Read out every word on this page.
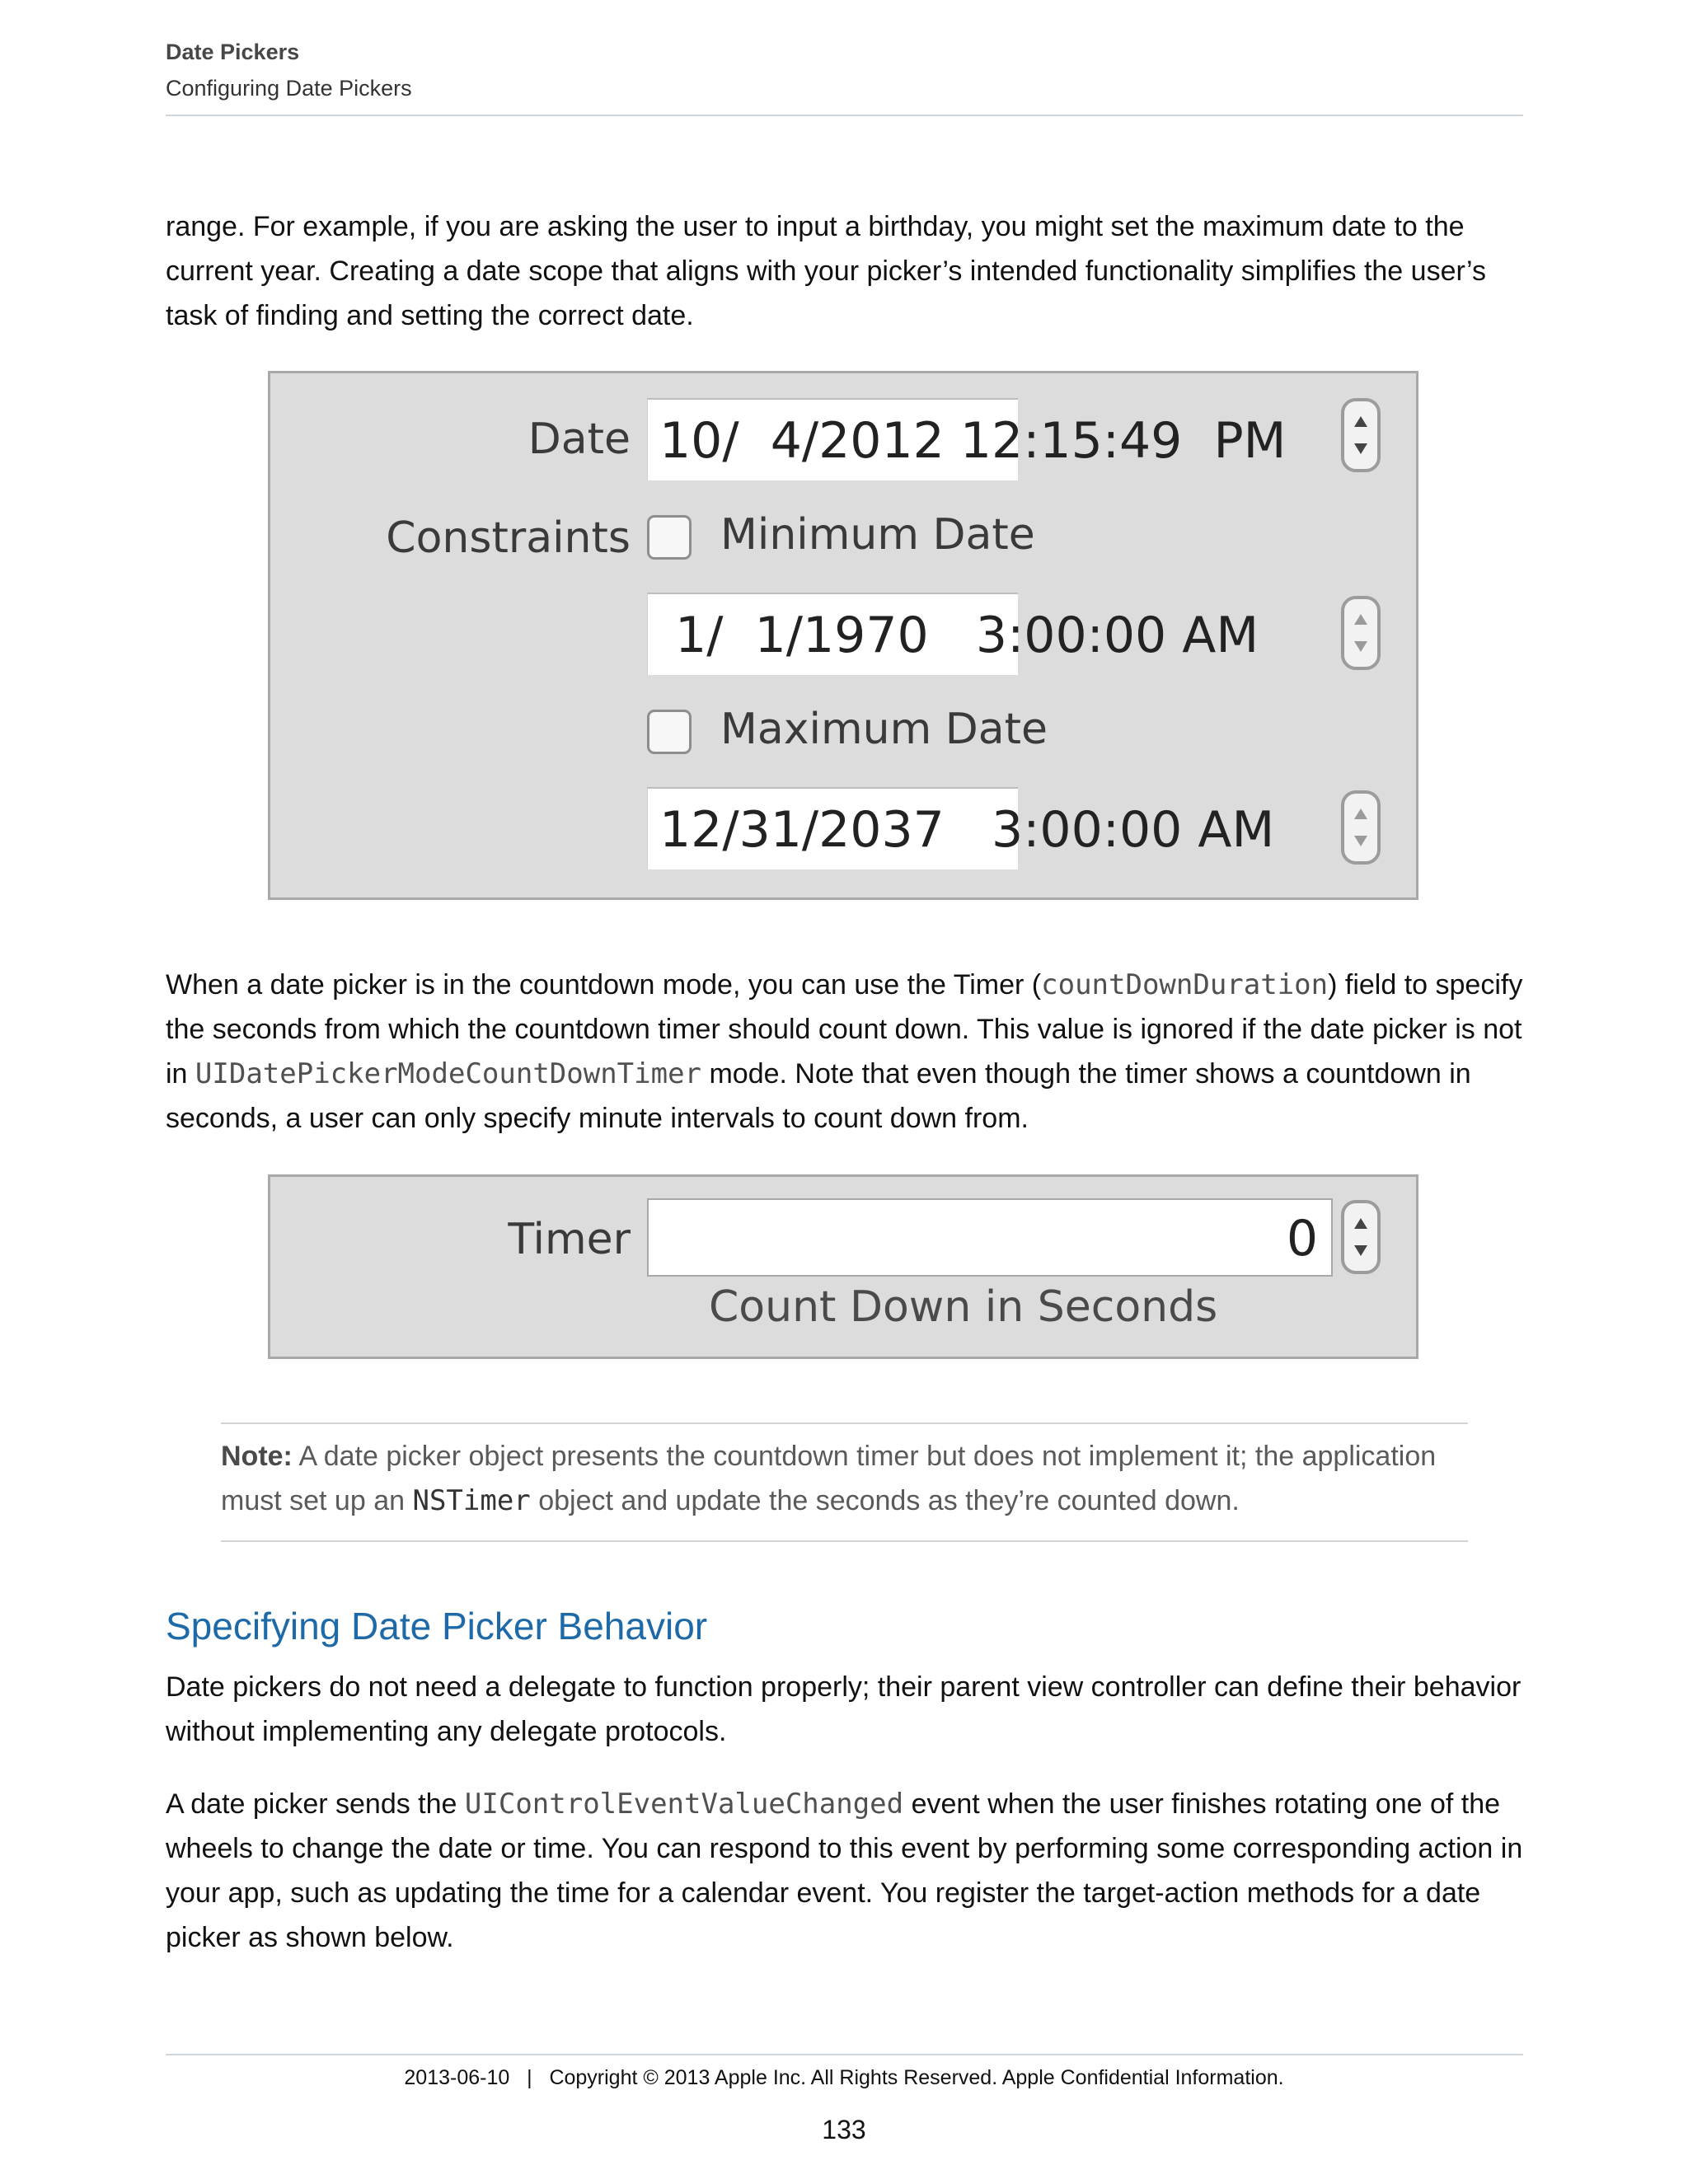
Date Pickers
Configuring Date Pickers

range. For example, if you are asking the user to input a birthday, you might set the maximum date to the current year. Creating a date scope that aligns with your picker’s intended functionality simplifies the user’s task of finding and setting the correct date.

Date 10/  4/2012 12:15:49  PM
Constraints Minimum Date
1/  1/1970   3:00:00 AM
Maximum Date
12/31/2037   3:00:00 AM

When a date picker is in the countdown mode, you can use the Timer (countDownDuration) field to specify the seconds from which the countdown timer should count down. This value is ignored if the date picker is not in UIDatePickerModeCountDownTimer mode. Note that even though the timer shows a countdown in seconds, a user can only specify minute intervals to count down from.

Timer	0
Count Down in Seconds
Note: A date picker object presents the countdown timer but does not implement it; the application must set up an NSTimer object and update the seconds as they’re counted down.
Specifying Date Picker Behavior

Date pickers do not need a delegate to function properly; their parent view controller can define their behavior without implementing any delegate protocols.

A date picker sends the UIControlEventValueChanged event when the user finishes rotating one of the wheels to change the date or time. You can respond to this event by performing some corresponding action in your app, such as updating the time for a calendar event. You register the target-action methods for a date picker as shown below.

2013-06-10   |   Copyright © 2013 Apple Inc. All Rights Reserved. Apple Confidential Information.
133
